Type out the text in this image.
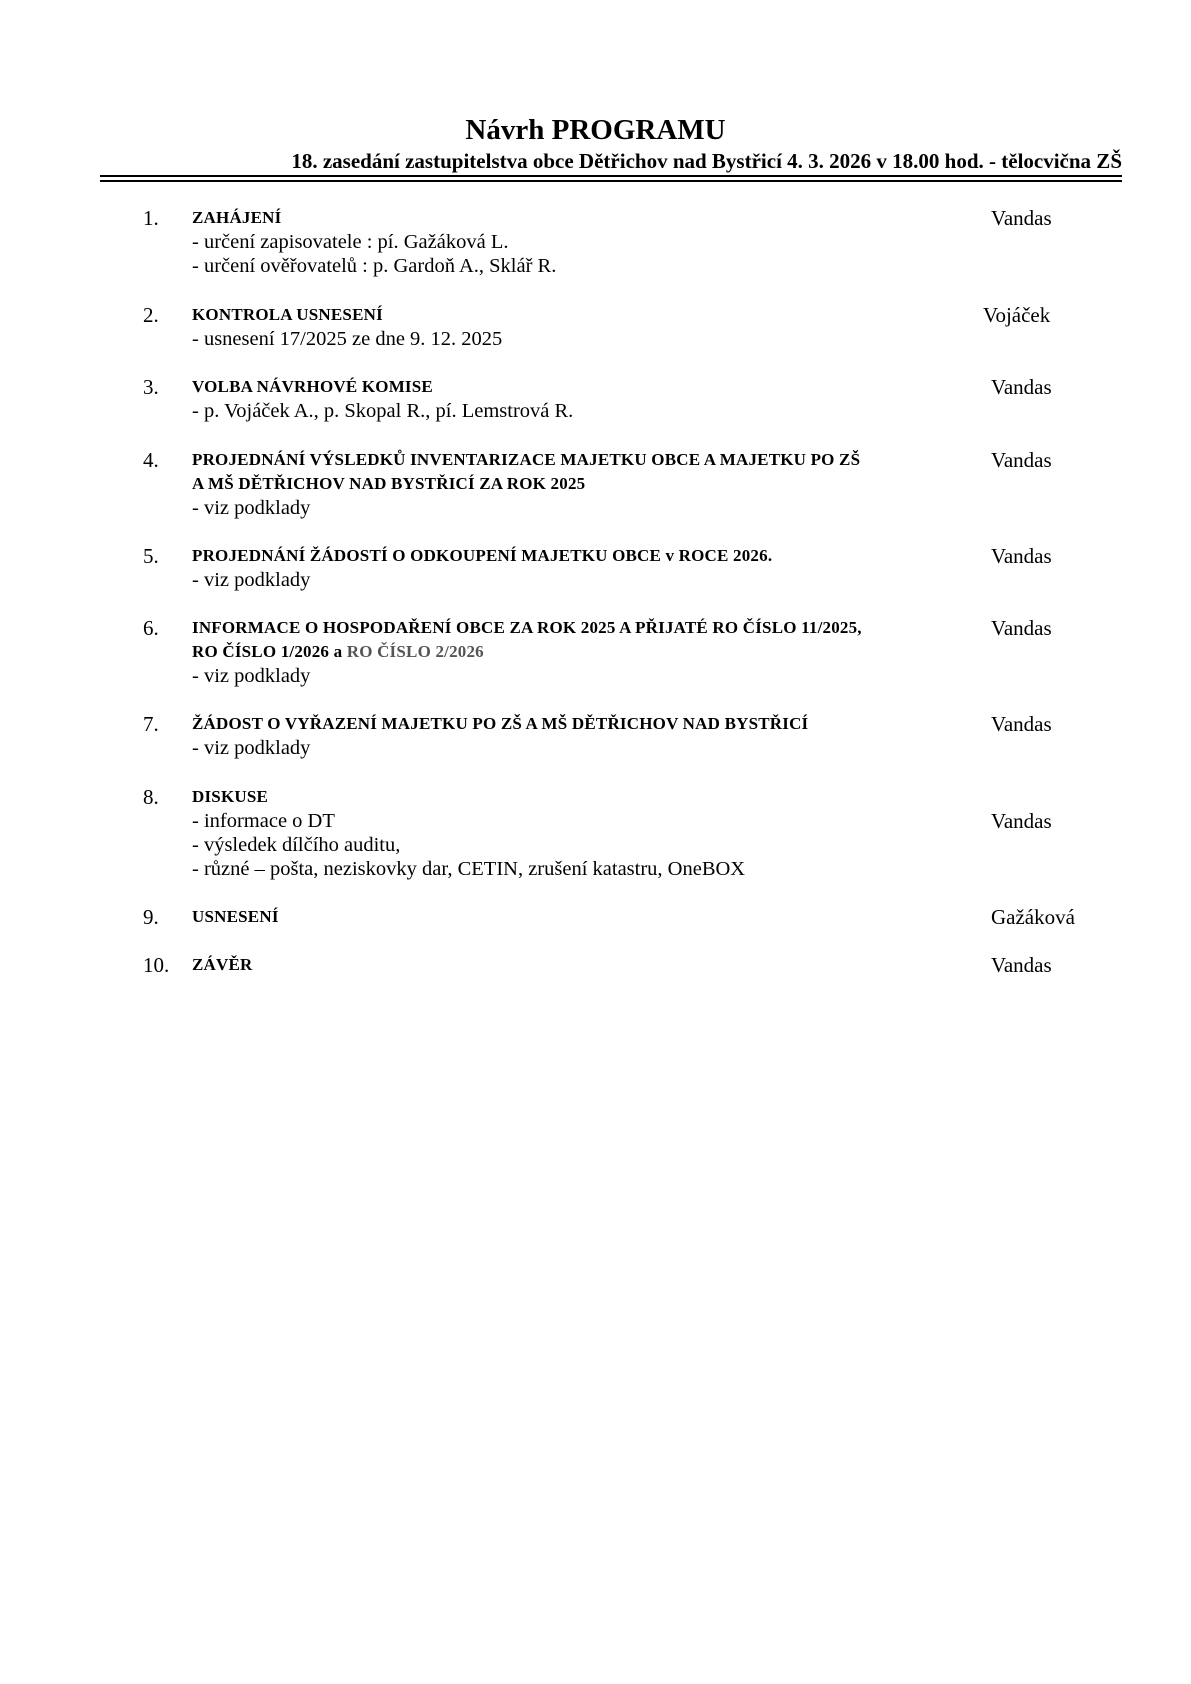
Návrh PROGRAMU
18. zasedání zastupitelstva obce Dětřichov nad Bystřicí 4. 3. 2026 v 18.00 hod. - tělocvična ZŠ
1. ZAHÁJENÍ
- určení zapisovatele : pí. Gažáková L.
- určení ověřovatelů : p. Gardoň A., Sklář R.
Vandas
2. KONTROLA USNESENÍ
- usnesení 17/2025 ze dne 9. 12. 2025
Vojáček
3. VOLBA NÁVRHOVÉ KOMISE
- p. Vojáček A., p. Skopal R., pí. Lemstrová R.
Vandas
4. PROJEDNÁNÍ VÝSLEDKŮ INVENTARIZACE MAJETKU OBCE A MAJETKU PO ZŠ
A MŠ DĚTŘICHOV NAD BYSTŘICÍ ZA ROK 2025
- viz podklady
Vandas
5. PROJEDNÁNÍ ŽÁDOSTÍ O ODKOUPENÍ MAJETKU OBCE v ROCE 2026.
- viz podklady
Vandas
6. INFORMACE O HOSPODAŘENÍ OBCE ZA ROK 2025 A PŘIJATÉ RO ČÍSLO 11/2025,
RO ČÍSLO 1/2026 a RO ČÍSLO 2/2026
- viz podklady
Vandas
7. ŽÁDOST O VYŘAZENÍ MAJETKU PO ZŠ A MŠ DĚTŘICHOV NAD BYSTŘICÍ
- viz podklady
Vandas
8. DISKUSE
- informace o DT
- výsledek dílčího auditu,
- různé – pošta, neziskovky dar, CETIN, zrušení katastru, OneBOX
Vandas
9. USNESENÍ	Gažáková
10. ZÁVĚR	Vandas
